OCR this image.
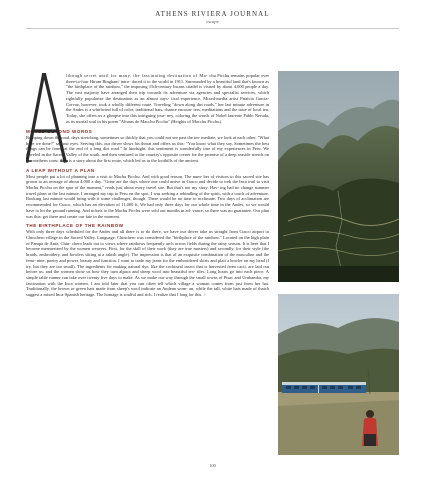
ATHENS RIVIERA JOURNAL
escape

lthough secret until for many, the fascinating destination of Ma- chu Picchu remains popular over three-to-four Hiram Bingham' intro- duced it to the world in 1911. Surrounded by a beautiful land that's known as "the birthplace of the rainbow," the imposing 15th-century Incans citadel is visited by about 4,000 people a day. The vast majority have arranged their trip towards its adventure via agencies and specialist services, which rightfully popularize the destination as an almost mys- tical experience. Mixed-media artist Patricia García-Corvaz, however, took a wholly different route. Traveling "down along dirt roads," her last minute adventure in the Andes is a whirlwind full of color, traditional hats, chance encoun- ters, meditations and the taste of local tea. Today, she offers us a glimpse into this intriguing jour- ney, coloring the words of Nobel laureate Pablo Neruda, as its mortal soul in his poem "Alturas de Macchu Picchu" (Heights of Macchu Picchu).

MOVED BEYOND WORDS

Bumping down the road, days stretching, sometimes so thickly that you could not see past the im- mediate, we look at each other. "What have we done?" say our eyes. Serving this, our driver slows his throat and offers us this: "You know what they say. Sometimes the best things can be found at the end of a long dirt road." In hindsight, this sentiment is wonderfully true of my experiences in Peru. We traveled in the Sacred Valley of the south, and then ventured to the country's opposite corner for the promise of a deep seaside stretch on the northern coast. This is a story about the first route, which led us to the foothills of the ancient.

A LEAP WITHOUT A PLAN

Most people put a lot of planning into a visit to Machu Picchu. And with good reason. The num- ber of visitors to this sacred site has grown to an average of about 4,000 a day. "Gone are the days where one could arrive in Cusco and decide to trek the Inca trail to visit Machu Picchu on the spur of the moment," reads just about every travel site. But that's not my story. Hav- ing had no change summer travel plans at the last minute, I arranged my trip to Peru on the spot. I was seeking a rekindling of the spirit, with a touch of adventure. Booking last minute would bring with it some challenges, though. There would be no time to acclimate. Two days of acclimation are recommended for Cusco, which has an elevation of 11,000 ft. We had only three days for our whole time in the Andes, so we would have to hit the ground running. And tickets to the Machu Picchu were sold out months in ad- vance, so there was no guarantee. Our plan was this: get there and create our fate in the moment.

THE BIRTHPLACE OF THE RAINBOW

With only three days scheduled for the Andes and all there is to do there, we have our driver take us straight from Cusco airport to Chinchero village in the Sacred Valley. Language, Chinchero was considered the "birthplace of the rainbow." Located on the high plain of Pampa de Anta, Chin- chero leads out to views where rainbows frequently arch across fields during the rainy season. It is here that I become mesmerized by the women weavers. First, for the skill of their work (they are true masters) and secondly, for their style (the braids, embroidery, and bowlers sitting at a rakish angle). The impression is that of an exquisite combination of the masculine and the femi- nine, poetry and power, beauty and function. I want to trade my jeans for the embroidered skirts and plait a bowler on my head (I try, but they are too small). The ingredients for making natural dye, like the cochineal insect that is harvested from cacti, are laid out before us, and the women show us how they turn alpaca and sheep wool into beautiful tex- tiles. Long hours go into each piece. A simple table runner can take over twenty five days to make. As we make our way through the small towns of Pisac and Urubamba, my fascination with the Inca women, I am told later that you can often tell which village a woman comes from just from her hat. Traditionally, the brown or green hats made from sheep's wool indicate an Andean wom- an, while the tall, white hats made of thatch suggest a mixed Inca-Spanish heritage. The homage is soulful and rich. I realize that I long for this. >

100
